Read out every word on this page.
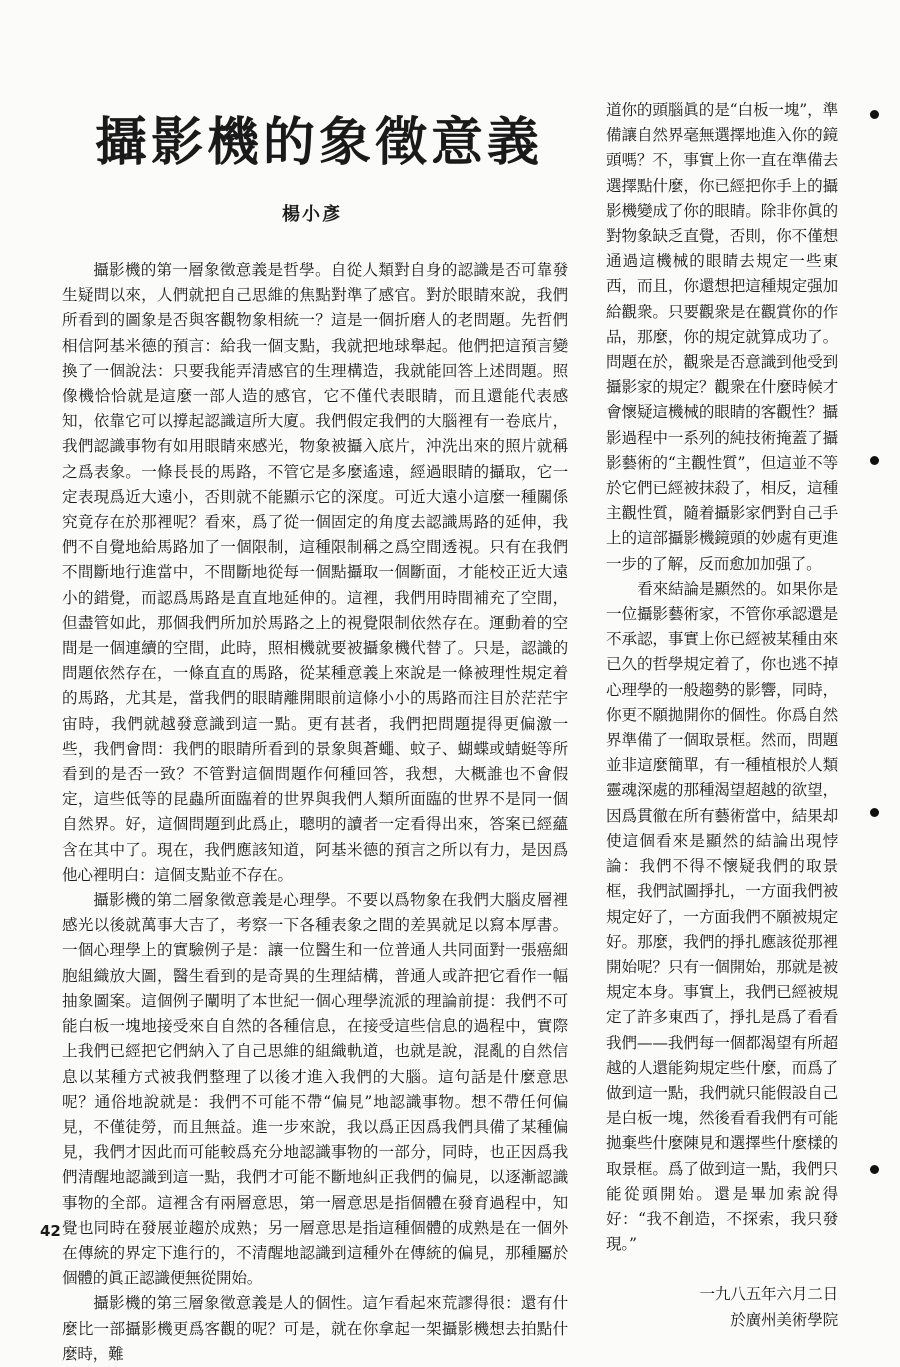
攝影機的象徵意義
楊小彥

攝影機的第一層象徵意義是哲學。自從人類對自身的認識是否可靠發生疑問以來，人們就把自己思維的焦點對準了感官。對於眼睛來說，我們所看到的圖象是否與客觀物象相統一？這是一個折磨人的老問題。先哲們相信阿基米德的預言：給我一個支點，我就把地球舉起。他們把這預言變換了一個說法：只要我能弄清感官的生理構造，我就能回答上述問題。照像機恰恰就是這麼一部人造的感官，它不僅代表眼睛，而且還能代表感知，依靠它可以撐起認識這所大廈。我們假定我們的大腦裡有一卷底片，我們認識事物有如用眼睛來感光，物象被攝入底片，沖洗出來的照片就稱之爲表象。一條長長的馬路，不管它是多麼遙遠，經過眼睛的攝取，它一定表現爲近大遠小，否則就不能顯示它的深度。可近大遠小這麼一種關係究竟存在於那裡呢？看來，爲了從一個固定的角度去認識馬路的延伸，我們不自覺地給馬路加了一個限制，這種限制稱之爲空間透視。只有在我們不間斷地行進當中，不間斷地從每一個點攝取一個斷面，才能校正近大遠小的錯覺，而認爲馬路是直直地延伸的。這裡，我們用時間補充了空間，但盡管如此，那個我們所加於馬路之上的視覺限制依然存在。運動着的空間是一個連續的空間，此時，照相機就要被攝象機代替了。只是，認識的問題依然存在，一條直直的馬路，從某種意義上來說是一條被理性規定着的馬路，尤其是，當我們的眼睛離開眼前這條小小的馬路而注目於茫茫宇宙時，我們就越發意識到這一點。更有甚者，我們把問題提得更偏激一些，我們會問：我們的眼睛所看到的景象與蒼蠅、蚊子、蝴蝶或蜻蜓等所看到的是否一致？不管對這個問題作何種回答，我想，大概誰也不會假定，這些低等的昆蟲所面臨着的世界與我們人類所面臨的世界不是同一個自然界。好，這個問題到此爲止，聰明的讀者一定看得出來，答案已經蘊含在其中了。現在，我們應該知道，阿基米德的預言之所以有力，是因爲他心裡明白：這個支點並不存在。

攝影機的第二層象徵意義是心理學。不要以爲物象在我們大腦皮層裡感光以後就萬事大吉了，考察一下各種表象之間的差異就足以寫本厚書。一個心理學上的實驗例子是：讓一位醫生和一位普通人共同面對一張癌細胞組織放大圖，醫生看到的是奇異的生理結構，普通人或許把它看作一幅抽象圖案。這個例子闡明了本世紀一個心理學流派的理論前提：我們不可能白板一塊地接受來自自然的各種信息，在接受這些信息的過程中，實際上我們已經把它們納入了自己思維的組織軌道，也就是說，混亂的自然信息以某種方式被我們整理了以後才進入我們的大腦。這句話是什麼意思呢？通俗地說就是：我們不可能不帶“偏見”地認識事物。想不帶任何偏見，不僅徒勞，而且無益。進一步來說，我以爲正因爲我們具備了某種偏見，我們才因此而可能較爲充分地認識事物的一部分，同時，也正因爲我們清醒地認識到這一點，我們才可能不斷地糾正我們的偏見，以逐漸認識事物的全部。這裡含有兩層意思，第一層意思是指個體在發育過程中，知覺也同時在發展並趨於成熟；另一層意思是指這種個體的成熟是在一個外在傳統的界定下進行的，不清醒地認識到這種外在傳統的偏見，那種屬於個體的眞正認識便無從開始。

攝影機的第三層象徵意義是人的個性。這乍看起來荒謬得很：還有什麼比一部攝影機更爲客觀的呢？可是，就在你拿起一架攝影機想去拍點什麼時，難

道你的頭腦眞的是“白板一塊”，準備讓自然界毫無選擇地進入你的鏡頭嗎？不，事實上你一直在準備去選擇點什麼，你已經把你手上的攝影機變成了你的眼睛。除非你眞的對物象缺乏直覺，否則，你不僅想通過這機械的眼睛去規定一些東西，而且，你還想把這種規定强加給觀衆。只要觀衆是在觀賞你的作品，那麼，你的規定就算成功了。問題在於，觀衆是否意識到他受到攝影家的規定？觀衆在什麼時候才會懷疑這機械的眼睛的客觀性？攝影過程中一系列的純技術掩蓋了攝影藝術的“主觀性質”，但這並不等於它們已經被抹殺了，相反，這種主觀性質，隨着攝影家們對自己手上的這部攝影機鏡頭的妙處有更進一步的了解，反而愈加加强了。

看來結論是顯然的。如果你是一位攝影藝術家，不管你承認還是不承認，事實上你已經被某種由來已久的哲學規定着了，你也逃不掉心理學的一般趨勢的影響，同時，你更不願拋開你的個性。你爲自然界準備了一個取景框。然而，問題並非這麼簡單，有一種植根於人類靈魂深處的那種渴望超越的欲望，因爲貫徹在所有藝術當中，結果却使這個看來是顯然的結論出現悖論：我們不得不懷疑我們的取景框，我們試圖掙扎，一方面我們被規定好了，一方面我們不願被規定好。那麼，我們的掙扎應該從那裡開始呢？只有一個開始，那就是被規定本身。事實上，我們已經被規定了許多東西了，掙扎是爲了看看我們——我們每一個都渴望有所超越的人還能夠規定些什麼，而爲了做到這一點，我們就只能假設自己是白板一塊，然後看看我們有可能拋棄些什麼陳見和選擇些什麼樣的取景框。爲了做到這一點，我們只能從頭開始。還是畢加索說得好：“我不創造，不探索，我只發現。”

一九八五年六月二日
於廣州美術學院
42
